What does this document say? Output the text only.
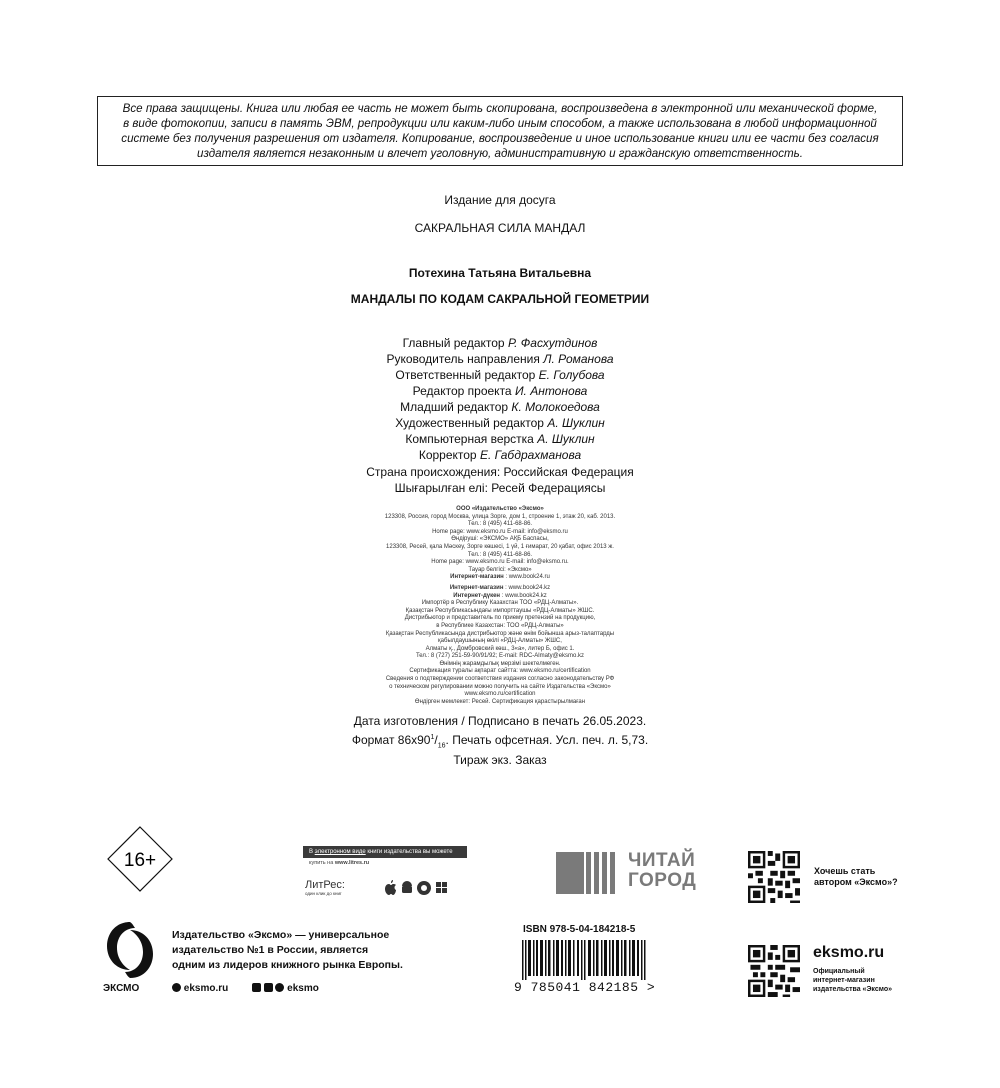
Все права защищены. Книга или любая ее часть не может быть скопирована, воспроизведена в электронной или механической форме,
в виде фотокопии, записи в память ЭВМ, репродукции или каким-либо иным способом, а также использована в любой информационной
системе без получения разрешения от издателя. Копирование, воспроизведение и иное использование книги или ее части без согласия
издателя является незаконным и влечет уголовную, административную и гражданскую ответственность.
Издание для досуга
САКРАЛЬНАЯ СИЛА МАНДАЛ
Потехина Татьяна Витальевна
МАНДАЛЫ ПО КОДАМ САКРАЛЬНОЙ ГЕОМЕТРИИ
Главный редактор Р. Фасхутдинов
Руководитель направления Л. Романова
Ответственный редактор Е. Голубова
Редактор проекта И. Антонова
Младший редактор К. Молокоедова
Художественный редактор А. Шуклин
Компьютерная верстка А. Шуклин
Корректор Е. Габдрахманова
Страна происхождения: Российская Федерация
Шығарылған елі: Ресей Федерациясы
ООО «Издательство «Эксмо»
123308, Россия, город Москва, улица Зорге, дом 1, строение 1, этаж 20, каб. 2013.
Тел.: 8 (495) 411-68-86.
Home page: www.eksmo.ru E-mail: info@eksmo.ru
Өндіруші: «ЭКСМО» АҚБ Баспасы,
123308, Ресей, қала Мәскеу, Зорге көшесі, 1 үй, 1 ғимарат, 20 қабат, офис 2013 ж.
Тел.: 8 (495) 411-68-86.
Home page: www.eksmo.ru E-mail: info@eksmo.ru.
Тауар белгісі: «Эксмо»
Интернет-магазин : www.book24.ru
Интернет-магазин : www.book24.kz
Интернет-дүкен : www.book24.kz
Импортёр в Республику Казахстан ТОО «РДЦ-Алматы».
Қазақстан Республикасындағы импорттаушы «РДЦ-Алматы» ЖШС.
Дистрибьютор и представитель по приему претензий на продукцию,
в Республике Казахстан: ТОО «РДЦ-Алматы»
Қазақстан Республикасында дистрибьютор және өнім бойынша арыз-талаптарды
қабылдаушының өкілі «РДЦ-Алматы» ЖШС,
Алматы қ., Домбровский көш., 3«а», литер Б, офис 1.
Тел.: 8 (727) 251-59-90/91/92; E-mail: RDC-Almaty@eksmo.kz
Өнімнің жарамдылық мерзімі шектелмеген.
Сертификация туралы ақпарат сайтта: www.eksmo.ru/certification
Сведения о подтверждении соответствия издания согласно законодательству РФ
о техническом регулировании можно получить на сайте Издательства «Эксмо»
www.eksmo.ru/certification
Өндірген мемлекет: Ресей. Сертификация қарастырылмаған
Дата изготовления / Подписано в печать 26.05.2023.
Формат $86x90^1/_{16}$. Печать офсетная. Усл. печ. л. 5,73.
Тираж экз. Заказ
16+	В электронном виде книги издательства вы можете
купить на www.litres.ru
ЛитРес:
один клик до книг
ЧИТАЙ
ГОРОД	Хочешь стать
автором «Эксмо»?
eksmo.ru
Официальный
интернет-магазин
издательства «Эксмо»
ЭКСМО
Издательство «Эксмо» — универсальное
издательство №1 в России, является
одним из лидеров книжного рынка Европы.
eksmo.ru	eksmo
ISBN 978-5-04-184218-5
9 785041 842185 >
